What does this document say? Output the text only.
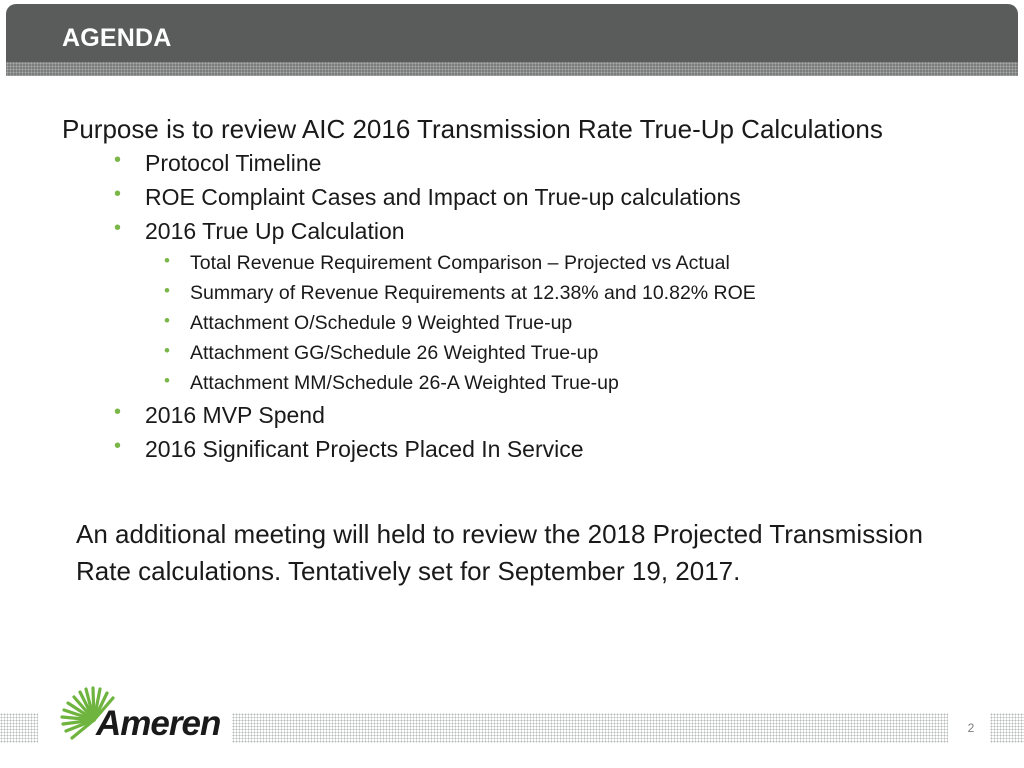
AGENDA
Purpose is to review AIC 2016 Transmission Rate True-Up Calculations
• Protocol Timeline
• ROE Complaint Cases and Impact on True-up calculations
• 2016 True Up Calculation
• Total Revenue Requirement Comparison – Projected vs Actual
• Summary of Revenue Requirements at 12.38% and 10.82% ROE
• Attachment O/Schedule 9 Weighted True-up
• Attachment GG/Schedule 26 Weighted True-up
• Attachment MM/Schedule 26-A Weighted True-up
• 2016 MVP Spend
• 2016 Significant Projects Placed In Service
An additional meeting will held to review the 2018 Projected Transmission Rate calculations. Tentatively set for September 19, 2017.
Ameren	2
